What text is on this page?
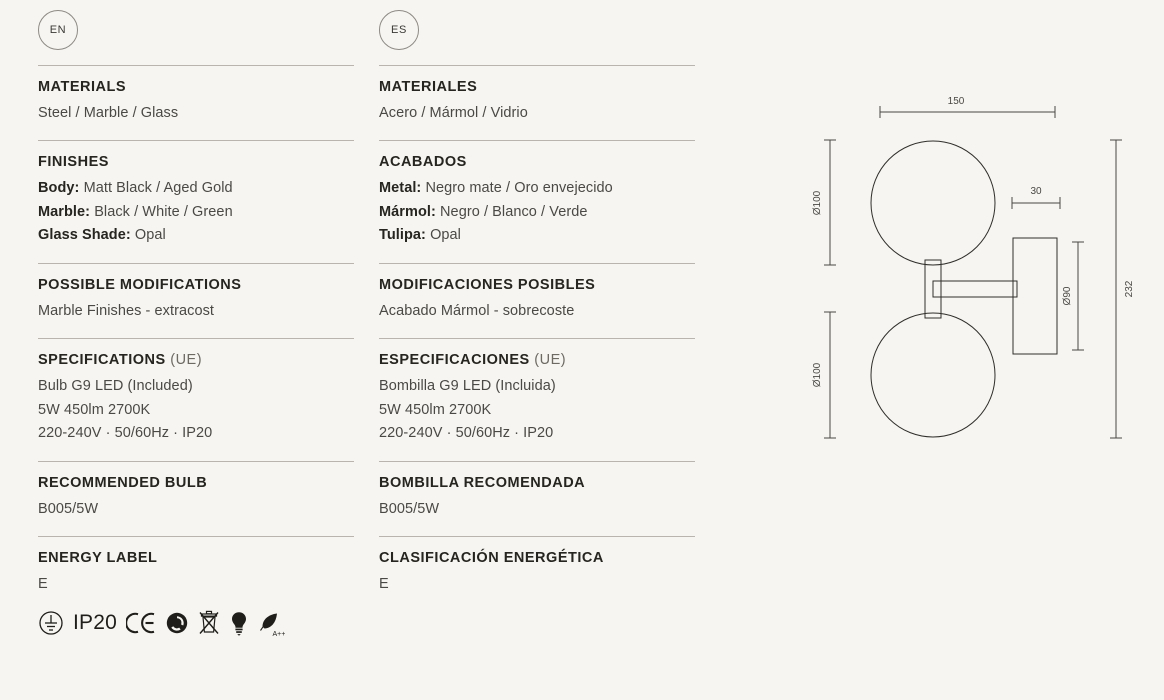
EN
MATERIALS
Steel / Marble / Glass
FINISHES
Body: Matt Black / Aged Gold
Marble: Black / White / Green
Glass Shade: Opal
POSSIBLE MODIFICATIONS
Marble Finishes - extracost
SPECIFICATIONS (UE)
Bulb G9 LED (Included)
5W 450lm 2700K
220-240V · 50/60Hz · IP20
RECOMMENDED BULB
B005/5W
ENERGY LABEL
E
IP20
A++
ES
MATERIALES
Acero / Mármol / Vidrio
ACABADOS
Metal: Negro mate / Oro envejecido
Mármol: Negro / Blanco / Verde
Tulipa: Opal
MODIFICACIONES POSIBLES
Acabado Mármol - sobrecoste
ESPECIFICACIONES (UE)
Bombilla G9 LED (Incluida)
5W 450lm 2700K
220-240V · 50/60Hz · IP20
BOMBILLA RECOMENDADA
B005/5W
CLASIFICACIÓN ENERGÉTICA
E
150
30
Ø100
Ø100
Ø90	232
